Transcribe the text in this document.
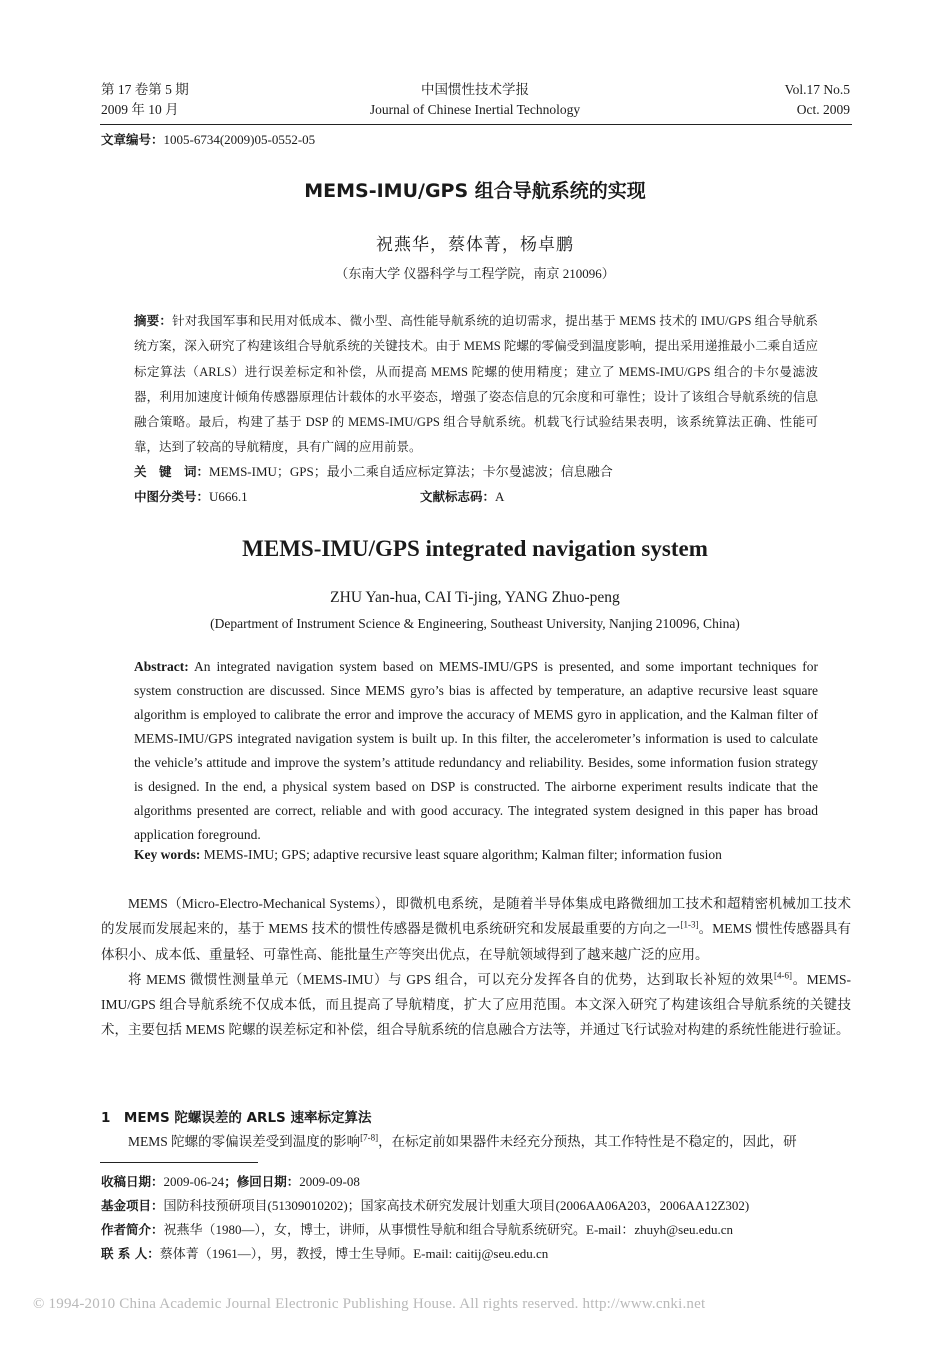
第 17 卷第 5 期
2009 年 10 月
中国惯性技术学报
Journal of Chinese Inertial Technology
Vol.17 No.5
Oct. 2009
文章编号：1005-6734(2009)05-0552-05
MEMS-IMU/GPS 组合导航系统的实现
祝燕华，蔡体菁，杨卓鹏
（东南大学 仪器科学与工程学院，南京 210096）
摘要：针对我国军事和民用对低成本、微小型、高性能导航系统的迫切需求，提出基于 MEMS 技术的 IMU/GPS 组合导航系统方案，深入研究了构建该组合导航系统的关键技术。由于 MEMS 陀螺的零偏受到温度影响，提出采用递推最小二乘自适应标定算法（ARLS）进行误差标定和补偿，从而提高 MEMS 陀螺的使用精度；建立了 MEMS-IMU/GPS 组合的卡尔曼滤波器，利用加速度计倾角传感器原理估计载体的水平姿态，增强了姿态信息的冗余度和可靠性；设计了该组合导航系统的信息融合策略。最后，构建了基于 DSP 的 MEMS-IMU/GPS 组合导航系统。机载飞行试验结果表明，该系统算法正确、性能可靠，达到了较高的导航精度，具有广阔的应用前景。
关　键　词：MEMS-IMU；GPS；最小二乘自适应标定算法；卡尔曼滤波；信息融合
中图分类号：U666.1	文献标志码：A
MEMS-IMU/GPS integrated navigation system
ZHU Yan-hua, CAI Ti-jing, YANG Zhuo-peng
(Department of Instrument Science & Engineering, Southeast University, Nanjing 210096, China)
Abstract: An integrated navigation system based on MEMS-IMU/GPS is presented, and some important techniques for system construction are discussed. Since MEMS gyro’s bias is affected by temperature, an adaptive recursive least square algorithm is employed to calibrate the error and improve the accuracy of MEMS gyro in application, and the Kalman filter of MEMS-IMU/GPS integrated navigation system is built up. In this filter, the accelerometer’s information is used to calculate the vehicle’s attitude and improve the system’s attitude redundancy and reliability. Besides, some information fusion strategy is designed. In the end, a physical system based on DSP is constructed. The airborne experiment results indicate that the algorithms presented are correct, reliable and with good accuracy. The integrated system designed in this paper has broad application foreground.
Key words: MEMS-IMU; GPS; adaptive recursive least square algorithm; Kalman filter; information fusion

MEMS（Micro-Electro-Mechanical Systems），即微机电系统，是随着半导体集成电路微细加工技术和超精密机械加工技术的发展而发展起来的，基于 MEMS 技术的惯性传感器是微机电系统研究和发展最重要的方向之一[1-3]。MEMS 惯性传感器具有体积小、成本低、重量轻、可靠性高、能批量生产等突出优点，在导航领域得到了越来越广泛的应用。

将 MEMS 微惯性测量单元（MEMS-IMU）与 GPS 组合，可以充分发挥各自的优势，达到取长补短的效果[4-6]。MEMS-IMU/GPS 组合导航系统不仅成本低，而且提高了导航精度，扩大了应用范围。本文深入研究了构建该组合导航系统的关键技术，主要包括 MEMS 陀螺的误差标定和补偿，组合导航系统的信息融合方法等，并通过飞行试验对构建的系统性能进行验证。

1　MEMS 陀螺误差的 ARLS 速率标定算法

MEMS 陀螺的零偏误差受到温度的影响[7-8]，在标定前如果器件未经充分预热，其工作特性是不稳定的，因此，研

收稿日期：2009-06-24；修回日期：2009-09-08
基金项目：国防科技预研项目(51309010202)；国家高技术研究发展计划重大项目(2006AA06A203，2006AA12Z302)
作者简介：祝燕华（1980—），女，博士，讲师，从事惯性导航和组合导航系统研究。E-mail：zhuyh@seu.edu.cn
联 系 人：蔡体菁（1961—），男，教授，博士生导师。E-mail: caitij@seu.edu.cn
© 1994-2010 China Academic Journal Electronic Publishing House. All rights reserved. http://www.cnki.net
